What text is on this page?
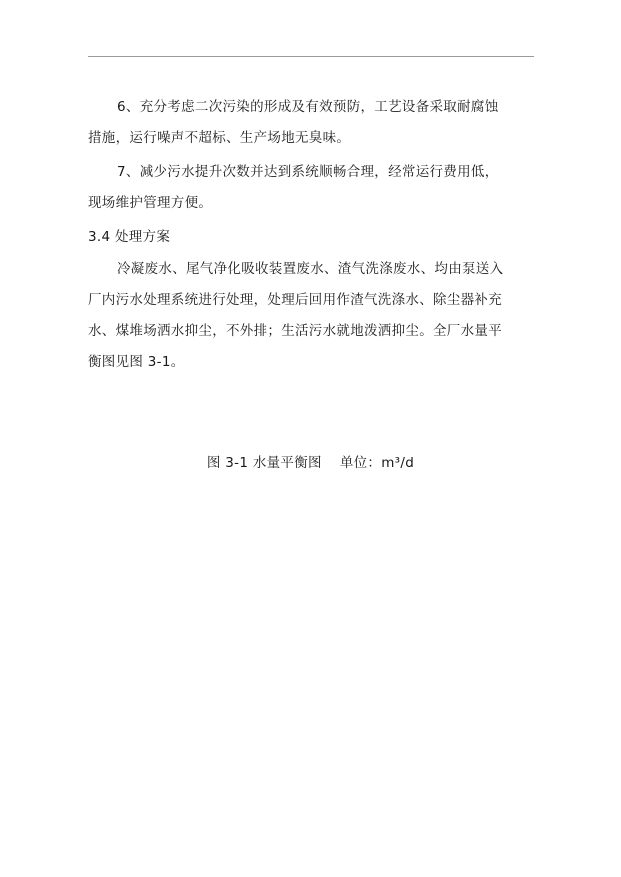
6、充分考虑二次污染的形成及有效预防，工艺设备采取耐腐蚀
措施，运行噪声不超标、生产场地无臭味。
7、减少污水提升次数并达到系统顺畅合理，经常运行费用低，
现场维护管理方便。
3.4 处理方案
冷凝废水、尾气净化吸收装置废水、渣气洗涤废水、均由泵送入
厂内污水处理系统进行处理，处理后回用作渣气洗涤水、除尘器补充
水、煤堆场洒水抑尘，不外排；生活污水就地泼洒抑尘。全厂水量平
衡图见图 3-1。
图 3-1 水量平衡图 单位：m³/d
